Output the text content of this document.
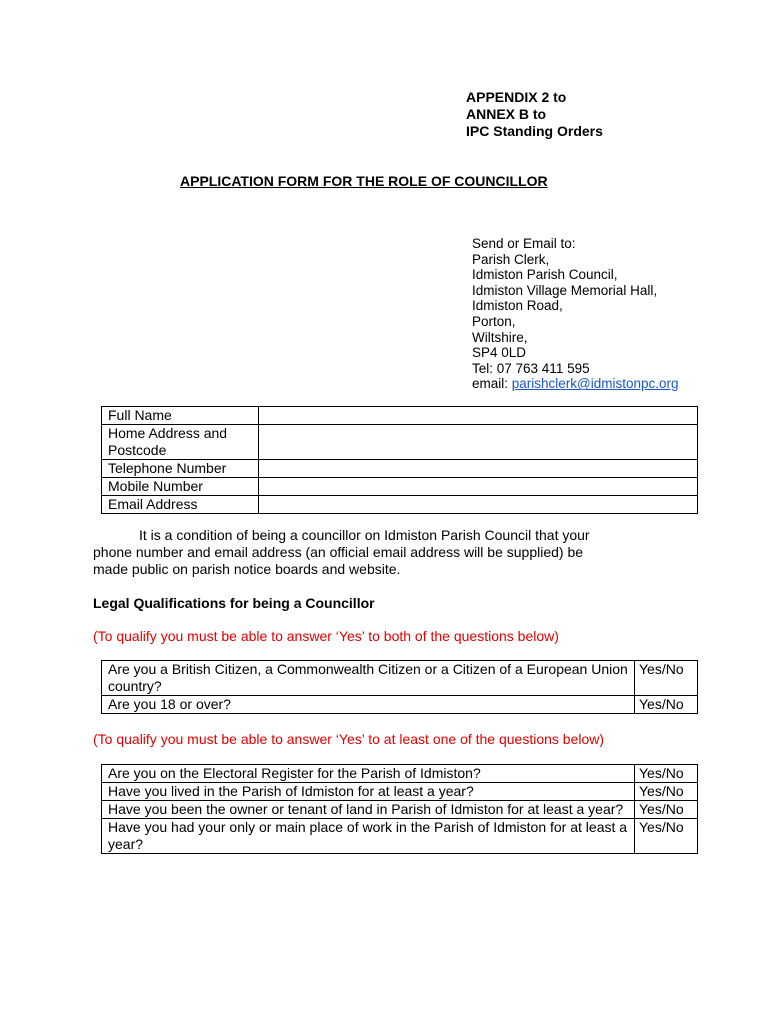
APPENDIX 2 to
ANNEX B to
IPC Standing Orders
APPLICATION FORM FOR THE ROLE OF COUNCILLOR
Send or Email to:
Parish Clerk,
Idmiston Parish Council,
Idmiston Village Memorial Hall,
Idmiston Road,
Porton,
Wiltshire,
SP4 0LD
Tel: 07 763 411 595
email: parishclerk@idmistonpc.org
Full Name	
Home Address and Postcode	
Telephone Number	
Mobile Number	
Email Address	
It is a condition of being a councillor on Idmiston Parish Council that your
phone number and email address (an official email address will be supplied) be
made public on parish notice boards and website.
Legal Qualifications for being a Councillor
(To qualify you must be able to answer ‘Yes’ to both of the questions below)
Are you a British Citizen, a Commonwealth Citizen or a Citizen of a European Union country?	Yes/No
Are you 18 or over?	Yes/No
(To qualify you must be able to answer ‘Yes’ to at least one of the questions below)
Are you on the Electoral Register for the Parish of Idmiston?	Yes/No
Have you lived in the Parish of Idmiston for at least a year?	Yes/No
Have you been the owner or tenant of land in Parish of Idmiston for at least a year?	Yes/No
Have you had your only or main place of work in the Parish of Idmiston for at least a year?	Yes/No
